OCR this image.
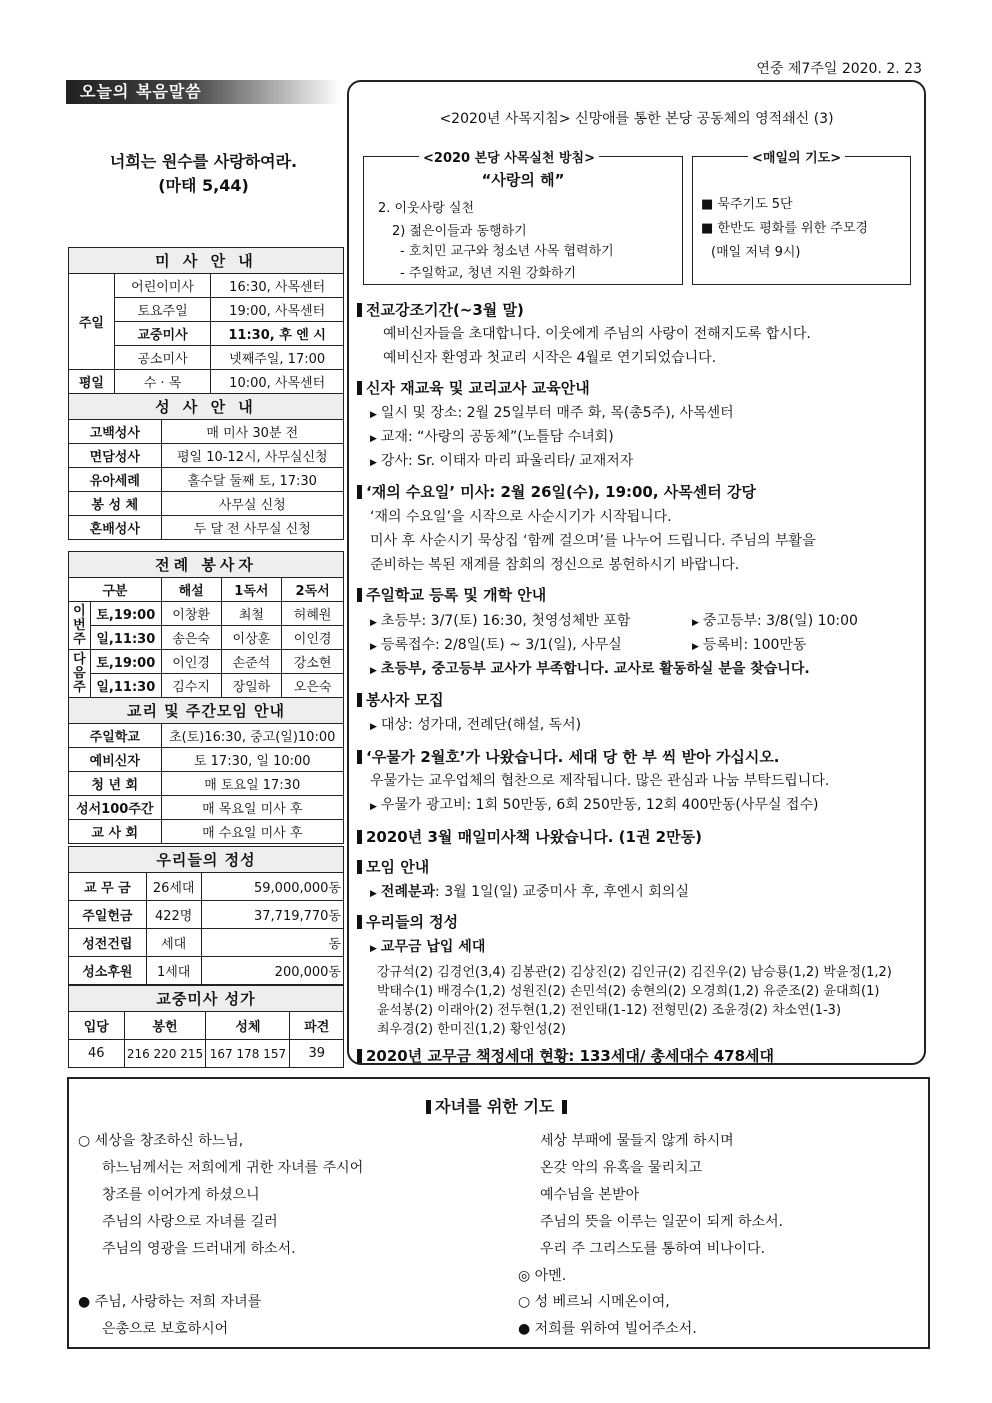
연중 제7주일 2020. 2. 23
오늘의 복음말씀
너희는 원수를 사랑하여라.
(마태 5,44)
미 사 안 내			
주일	어린이미사		16:30, 사목센터
	토요주일		19:00, 사목센터
	교중미사		11:30, 후 엔 시
	공소미사		넷째주일, 17:00
평일	수 · 목		10:00, 사목센터
성 사 안 내			
고백성사		매 미사 30분 전	
면담성사		평일 10-12시, 사무실신청	
유아세례		홀수달 둘째 토, 17:30	
봉 성 체		사무실 신청	
혼배성사		두 달 전 사무실 신청	
전례 봉사자				
구분		해설	1독서	2독서
이번주	토,19:00	이창환	최철	허혜원
	일,11:30	송은숙	이상훈	이인경
다음주	토,19:00	이인경	손준석	강소현
	일,11:30	김수지	장일하	오은숙
교리 및 주간모임 안내	
주일학교	초(토)16:30, 중고(일)10:00
예비신자	토 17:30, 일 10:00
청 년 회	매 토요일 17:30
성서100주간	매 목요일 미사 후
교 사 회	매 수요일 미사 후
우리들의 정성		
교 무 금	26세대	59,000,000동
주일헌금	422명	37,719,770동
성전건립	세대	동
성소후원	1세대	200,000동
교중미사 성가			
입당	봉헌	성체	파견
46	216 220 215	167 178 157	39
<2020년 사목지침> 신망애를 통한 본당 공동체의 영적쇄신 (3)
<2020 본당 사목실천 방침>
“사랑의 해”
2. 이웃사랑 실천
2) 젊은이들과 동행하기
- 호치민 교구와 청소년 사목 협력하기
- 주일학교, 청년 지원 강화하기
<매일의 기도>
■ 묵주기도 5단
■ 한반도 평화를 위한 주모경
(매일 저녁 9시)
전교강조기간(~3월 말)
예비신자들을 초대합니다. 이웃에게 주님의 사랑이 전해지도록 합시다.
예비신자 환영과 첫교리 시작은 4월로 연기되었습니다.
신자 재교육 및 교리교사 교육안내
▶ 일시 및 장소: 2월 25일부터 매주 화, 목(총5주), 사목센터
▶ 교재: “사랑의 공동체”(노틀담 수녀회)
▶ 강사: Sr. 이태자 마리 파울리타/ 교재저자
‘재의 수요일’ 미사: 2월 26일(수), 19:00, 사목센터 강당
‘재의 수요일’을 시작으로 사순시기가 시작됩니다.
미사 후 사순시기 묵상집 ‘함께 걸으며’를 나누어 드립니다. 주님의 부활을
준비하는 복된 재계를 참회의 정신으로 봉헌하시기 바랍니다.
주일학교 등록 및 개학 안내
▶ 초등부: 3/7(토) 16:30, 첫영성체반 포함	▶ 중고등부: 3/8(일) 10:00
▶ 등록접수: 2/8일(토) ~ 3/1(일), 사무실	▶ 등록비: 100만동
▶ 초등부, 중고등부 교사가 부족합니다. 교사로 활동하실 분을 찾습니다.
봉사자 모집
▶ 대상: 성가대, 전례단(해설, 독서)
‘우물가 2월호’가 나왔습니다. 세대 당 한 부 씩 받아 가십시오.
우물가는 교우업체의 협찬으로 제작됩니다. 많은 관심과 나눔 부탁드립니다.
▶ 우물가 광고비: 1회 50만동, 6회 250만동, 12회 400만동(사무실 접수)
2020년 3월 매일미사책 나왔습니다. (1권 2만동)
모임 안내
▶ 전례분과: 3월 1일(일) 교중미사 후, 후엔시 회의실
우리들의 정성
▶ 교무금 납입 세대
강규석(2) 김경언(3,4) 김봉관(2) 김상진(2) 김인규(2) 김진우(2) 남승룡(1,2) 박윤정(1,2)
박태수(1) 배경수(1,2) 성원진(2) 손민석(2) 송현의(2) 오경희(1,2) 유준조(2) 윤대희(1)
윤석봉(2) 이래아(2) 전두현(1,2) 전인태(1-12) 전형민(2) 조윤경(2) 차소연(1-3)
최우경(2) 한미진(1,2) 황인성(2)
2020년 교무금 책정세대 현황: 133세대/ 총세대수 478세대
자녀를 위한 기도
○ 세상을 창조하신 하느님,
하느님께서는 저희에게 귀한 자녀를 주시어
창조를 이어가게 하셨으니
주님의 사랑으로 자녀를 길러
주님의 영광을 드러내게 하소서.
● 주님, 사랑하는 저희 자녀를
은총으로 보호하시어
세상 부패에 물들지 않게 하시며
온갖 악의 유혹을 물리치고
예수님을 본받아
주님의 뜻을 이루는 일꾼이 되게 하소서.
우리 주 그리스도를 통하여 비나이다.
◎ 아멘.
○ 성 베르뇌 시메온이여,
● 저희를 위하여 빌어주소서.
